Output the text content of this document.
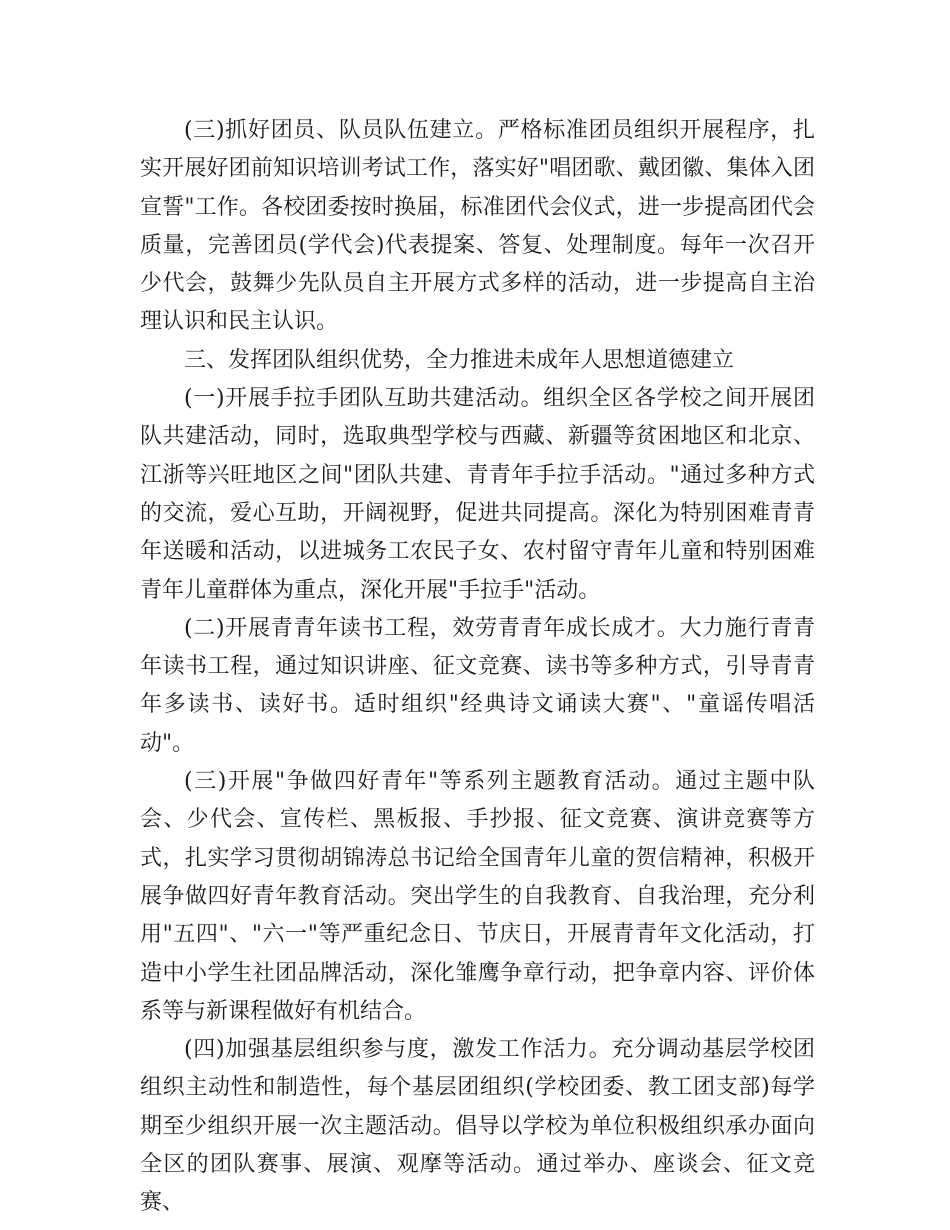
(三)抓好团员、队员队伍建立。严格标准团员组织开展程序，扎实开展好团前知识培训考试工作，落实好"唱团歌、戴团徽、集体入团宣誓"工作。各校团委按时换届，标准团代会仪式，进一步提高团代会质量，完善团员(学代会)代表提案、答复、处理制度。每年一次召开少代会，鼓舞少先队员自主开展方式多样的活动，进一步提高自主治理认识和民主认识。

三、发挥团队组织优势，全力推进未成年人思想道德建立

(一)开展手拉手团队互助共建活动。组织全区各学校之间开展团队共建活动，同时，选取典型学校与西藏、新疆等贫困地区和北京、江浙等兴旺地区之间"团队共建、青青年手拉手活动。"通过多种方式的交流，爱心互助，开阔视野，促进共同提高。深化为特别困难青青年送暖和活动，以进城务工农民子女、农村留守青年儿童和特别困难青年儿童群体为重点，深化开展"手拉手"活动。

(二)开展青青年读书工程，效劳青青年成长成才。大力施行青青年读书工程，通过知识讲座、征文竞赛、读书等多种方式，引导青青年多读书、读好书。适时组织"经典诗文诵读大赛"、"童谣传唱活动"。

(三)开展"争做四好青年"等系列主题教育活动。通过主题中队会、少代会、宣传栏、黑板报、手抄报、征文竞赛、演讲竞赛等方式，扎实学习贯彻胡锦涛总书记给全国青年儿童的贺信精神，积极开展争做四好青年教育活动。突出学生的自我教育、自我治理，充分利用"五四"、"六一"等严重纪念日、节庆日，开展青青年文化活动，打造中小学生社团品牌活动，深化雏鹰争章行动，把争章内容、评价体系等与新课程做好有机结合。

(四)加强基层组织参与度，激发工作活力。充分调动基层学校团组织主动性和制造性，每个基层团组织(学校团委、教工团支部)每学期至少组织开展一次主题活动。倡导以学校为单位积极组织承办面向全区的团队赛事、展演、观摩等活动。通过举办、座谈会、征文竞赛、
